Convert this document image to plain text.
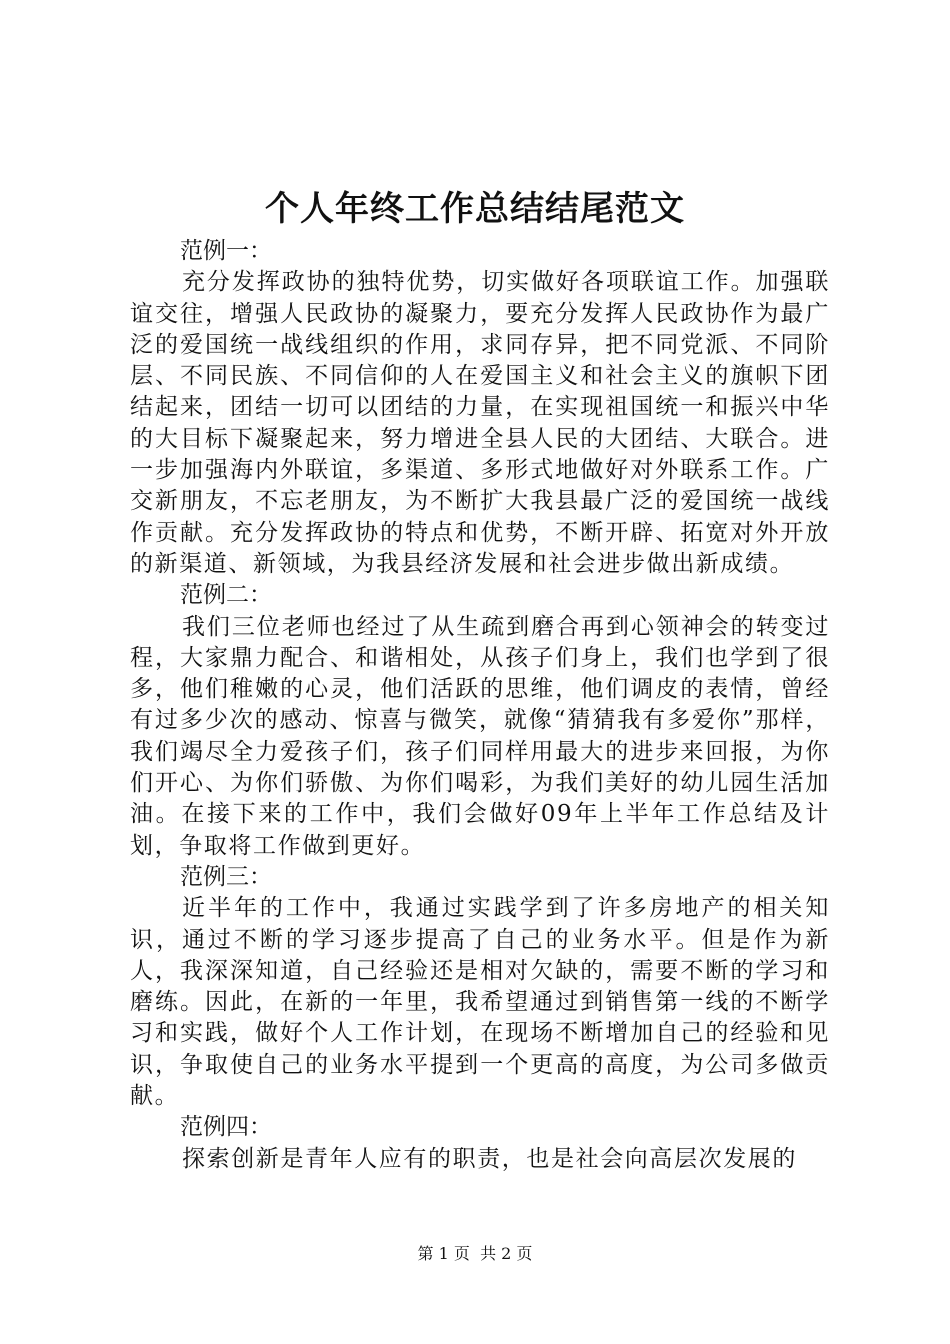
个人年终工作总结结尾范文

范例一：

充分发挥政协的独特优势，切实做好各项联谊工作。加强联谊交往，增强人民政协的凝聚力，要充分发挥人民政协作为最广泛的爱国统一战线组织的作用，求同存异，把不同党派、不同阶层、不同民族、不同信仰的人在爱国主义和社会主义的旗帜下团结起来，团结一切可以团结的力量，在实现祖国统一和振兴中华的大目标下凝聚起来，努力增进全县人民的大团结、大联合。进一步加强海内外联谊，多渠道、多形式地做好对外联系工作。广交新朋友，不忘老朋友，为不断扩大我县最广泛的爱国统一战线作贡献。充分发挥政协的特点和优势，不断开辟、拓宽对外开放的新渠道、新领域，为我县经济发展和社会进步做出新成绩。

范例二：

我们三位老师也经过了从生疏到磨合再到心领神会的转变过程，大家鼎力配合、和谐相处，从孩子们身上，我们也学到了很多，他们稚嫩的心灵，他们活跃的思维，他们调皮的表情，曾经有过多少次的感动、惊喜与微笑，就像“猜猜我有多爱你”那样，我们竭尽全力爱孩子们，孩子们同样用最大的进步来回报，为你们开心、为你们骄傲、为你们喝彩，为我们美好的幼儿园生活加油。在接下来的工作中，我们会做好09年上半年工作总结及计划，争取将工作做到更好。

范例三：

近半年的工作中，我通过实践学到了许多房地产的相关知识，通过不断的学习逐步提高了自己的业务水平。但是作为新人，我深深知道，自己经验还是相对欠缺的，需要不断的学习和磨练。因此，在新的一年里，我希望通过到销售第一线的不断学习和实践，做好个人工作计划，在现场不断增加自己的经验和见识，争取使自己的业务水平提到一个更高的高度，为公司多做贡献。

范例四：

探索创新是青年人应有的职责，也是社会向高层次发展的

第 1 页  共 2 页
